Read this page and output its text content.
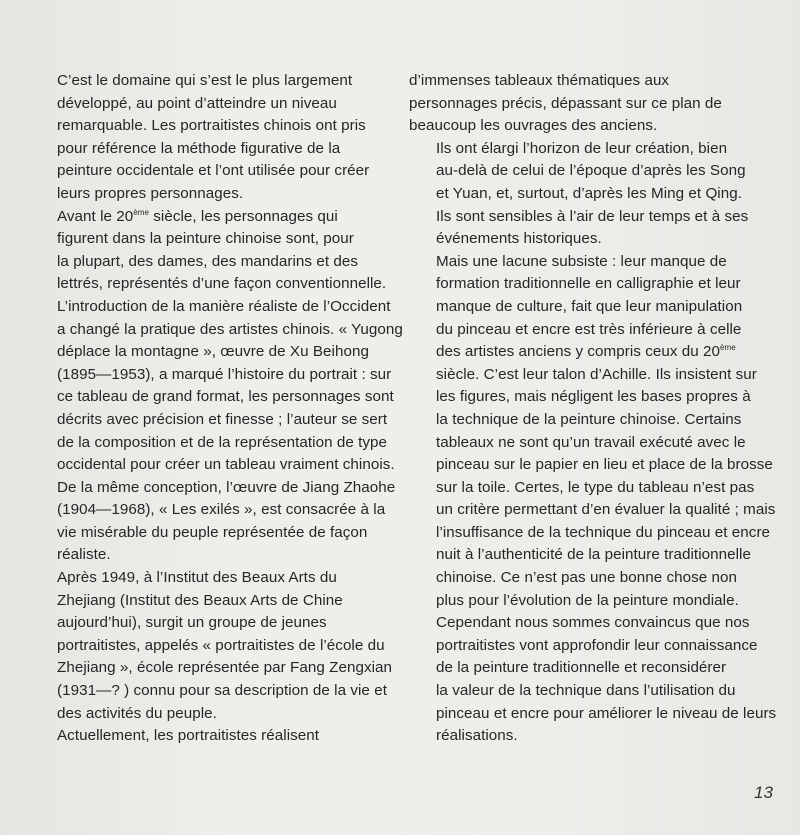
C’est le domaine qui s’est le plus largement
développé, au point d’atteindre un niveau
remarquable. Les portraitistes chinois ont pris
pour référence la méthode figurative de la
peinture occidentale et l’ont utilisée pour créer
leurs propres personnages.

Avant le 20ème siècle, les personnages qui
figurent dans la peinture chinoise sont, pour
la plupart, des dames, des mandarins et des
lettrés, représentés d’une façon conventionnelle.
L’introduction de la manière réaliste de l’Occident
a changé la pratique des artistes chinois. « Yugong
déplace la montagne », œuvre de Xu Beihong
(1895—1953), a marqué l’histoire du portrait : sur
ce tableau de grand format, les personnages sont
décrits avec précision et finesse ; l’auteur se sert
de la composition et de la représentation de type
occidental pour créer un tableau vraiment chinois.
De la même conception, l’œuvre de Jiang Zhaohe
(1904—1968), « Les exilés », est consacrée à la
vie misérable du peuple représentée de façon
réaliste.

Après 1949, à l’Institut des Beaux Arts du
Zhejiang (Institut des Beaux Arts de Chine
aujourd’hui), surgit un groupe de jeunes
portraitistes, appelés « portraitistes de l’école du
Zhejiang », école représentée par Fang Zengxian
(1931—? ) connu pour sa description de la vie et
des activités du peuple.

Actuellement, les portraitistes réalisent

d’immenses tableaux thématiques aux
personnages précis, dépassant sur ce plan de
beaucoup les ouvrages des anciens.

Ils ont élargi l’horizon de leur création, bien
au-delà de celui de l’époque d’après les Song
et Yuan, et, surtout, d’après les Ming et Qing.
Ils sont sensibles à l’air de leur temps et à ses
événements historiques.

Mais une lacune subsiste : leur manque de
formation traditionnelle en calligraphie et leur
manque de culture, fait que leur manipulation
du pinceau et encre est très inférieure à celle
des artistes anciens y compris ceux du 20ème
siècle. C’est leur talon d’Achille. Ils insistent sur
les figures, mais négligent les bases propres à
la technique de la peinture chinoise. Certains
tableaux ne sont qu’un travail exécuté avec le
pinceau sur le papier en lieu et place de la brosse
sur la toile. Certes, le type du tableau n’est pas
un critère permettant d’en évaluer la qualité ; mais
l’insuffisance de la technique du pinceau et encre
nuit à l’authenticité de la peinture traditionnelle
chinoise. Ce n’est pas une bonne chose non
plus pour l’évolution de la peinture mondiale.
Cependant nous sommes convaincus que nos
portraitistes vont approfondir leur connaissance
de la peinture traditionnelle et reconsidérer
la valeur de la technique dans l’utilisation du
pinceau et encre pour améliorer le niveau de leurs
réalisations.

13
